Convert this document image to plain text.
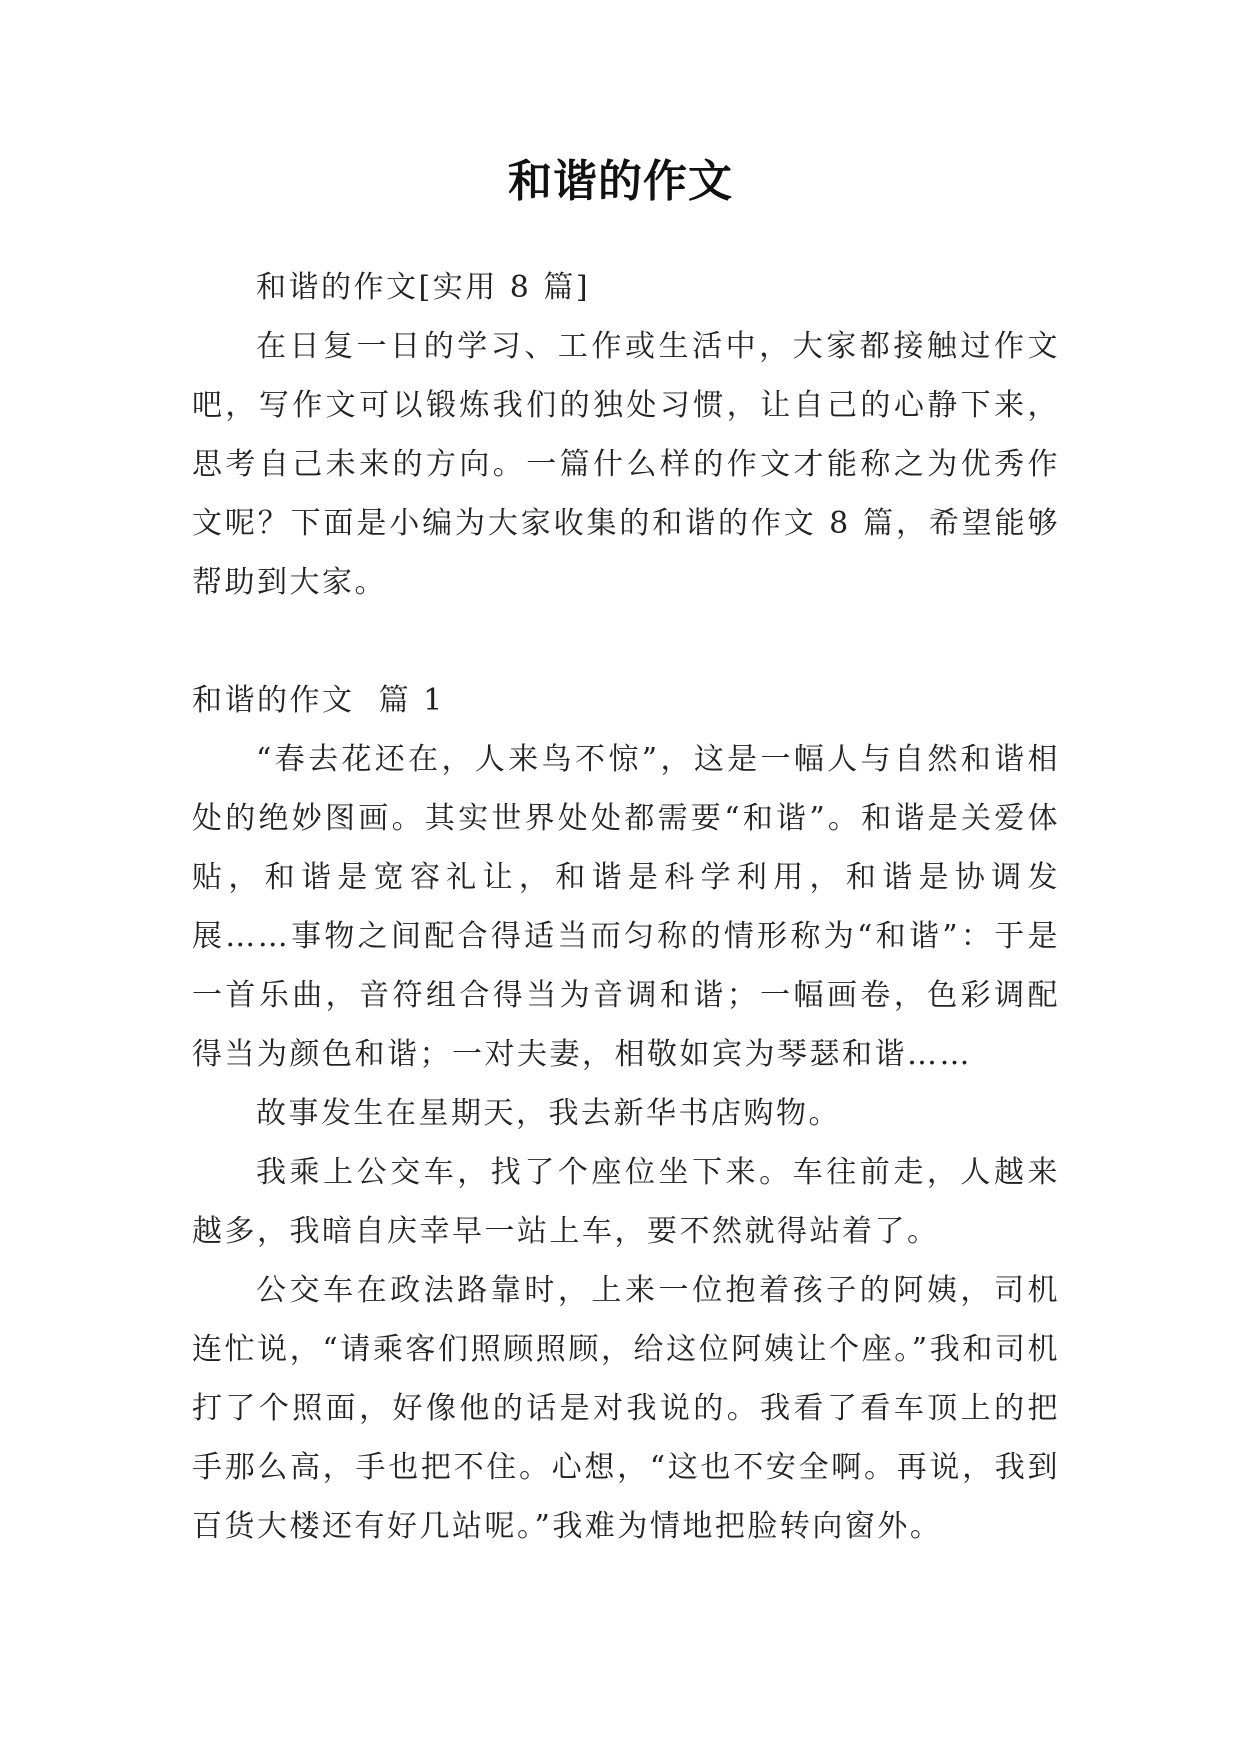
和谐的作文

和谐的作文[实用 8 篇]

在日复一日的学习、工作或生活中，大家都接触过作文吧，写作文可以锻炼我们的独处习惯，让自己的心静下来，思考自己未来的方向。一篇什么样的作文才能称之为优秀作文呢？下面是小编为大家收集的和谐的作文 8 篇，希望能够帮助到大家。

和谐的作文  篇 1

“春去花还在，人来鸟不惊”，这是一幅人与自然和谐相处的绝妙图画。其实世界处处都需要“和谐”。和谐是关爱体贴，和谐是宽容礼让，和谐是科学利用，和谐是协调发展……事物之间配合得适当而匀称的情形称为“和谐”：于是一首乐曲，音符组合得当为音调和谐；一幅画卷，色彩调配得当为颜色和谐；一对夫妻，相敬如宾为琴瑟和谐……

故事发生在星期天，我去新华书店购物。

我乘上公交车，找了个座位坐下来。车往前走，人越来越多，我暗自庆幸早一站上车，要不然就得站着了。

公交车在政法路靠时，上来一位抱着孩子的阿姨，司机连忙说，“请乘客们照顾照顾，给这位阿姨让个座。”我和司机打了个照面，好像他的话是对我说的。我看了看车顶上的把手那么高，手也把不住。心想，“这也不安全啊。再说，我到百货大楼还有好几站呢。”我难为情地把脸转向窗外。
